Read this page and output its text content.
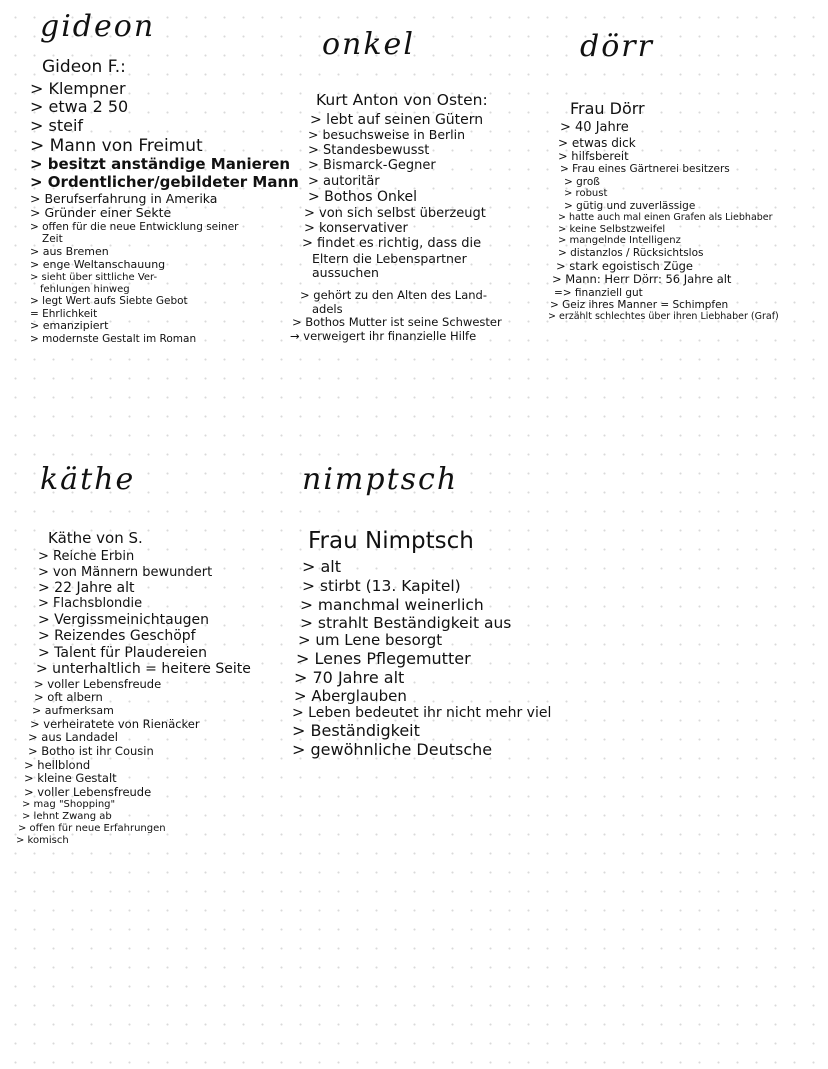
gideon
onkel	dörr
käthe	nimptsch
Gideon F.:
> Klempner
> etwa 2 50
> steif
> Mann von Freimut
> besitzt anständige Manieren
> Ordentlicher/gebildeter Mann
> Berufserfahrung in Amerika
> Gründer einer Sekte
> offen für die neue Entwicklung seiner
Zeit
> aus Bremen
> enge Weltanschauung
> sieht über sittliche Ver-
fehlungen hinweg
> legt Wert aufs Siebte Gebot
= Ehrlichkeit
> emanzipiert
> modernste Gestalt im Roman
Kurt Anton von Osten:
> lebt auf seinen Gütern
> besuchsweise in Berlin
> Standesbewusst
> Bismarck-Gegner
> autoritär
> Bothos Onkel
> von sich selbst überzeugt
> konservativer
> findet es richtig, dass die
Eltern die Lebenspartner
aussuchen
> gehört zu den Alten des Land-
adels
> Bothos Mutter ist seine Schwester
→ verweigert ihr finanzielle Hilfe
Frau Dörr
> 40 Jahre
> etwas dick
> hilfsbereit
> Frau eines Gärtnerei besitzers
> groß
> robust
> gütig und zuverlässige
> hatte auch mal einen Grafen als Liebhaber
> keine Selbstzweifel
> mangelnde Intelligenz
> distanzlos / Rücksichtslos
> stark egoistisch Züge
> Mann: Herr Dörr: 56 Jahre alt
=> finanziell gut
> Geiz ihres Manner = Schimpfen
> erzählt schlechtes über ihren Liebhaber (Graf)
Käthe von S.
> Reiche Erbin
> von Männern bewundert
> 22 Jahre alt
> Flachsblondie
> Vergissmeinichtaugen
> Reizendes Geschöpf
> Talent für Plaudereien
> unterhaltlich = heitere Seite
> voller Lebensfreude
> oft albern
> aufmerksam
> verheiratete von Rienäcker
> aus Landadel
> Botho ist ihr Cousin
> hellblond
> kleine Gestalt
> voller Lebensfreude
> mag "Shopping"
> lehnt Zwang ab
> offen für neue Erfahrungen
> komisch
Frau Nimptsch
> alt
> stirbt (13. Kapitel)
> manchmal weinerlich
> strahlt Beständigkeit aus
> um Lene besorgt
> Lenes Pflegemutter
> 70 Jahre alt
> Aberglauben
> Leben bedeutet ihr nicht mehr viel
> Beständigkeit
> gewöhnliche Deutsche
